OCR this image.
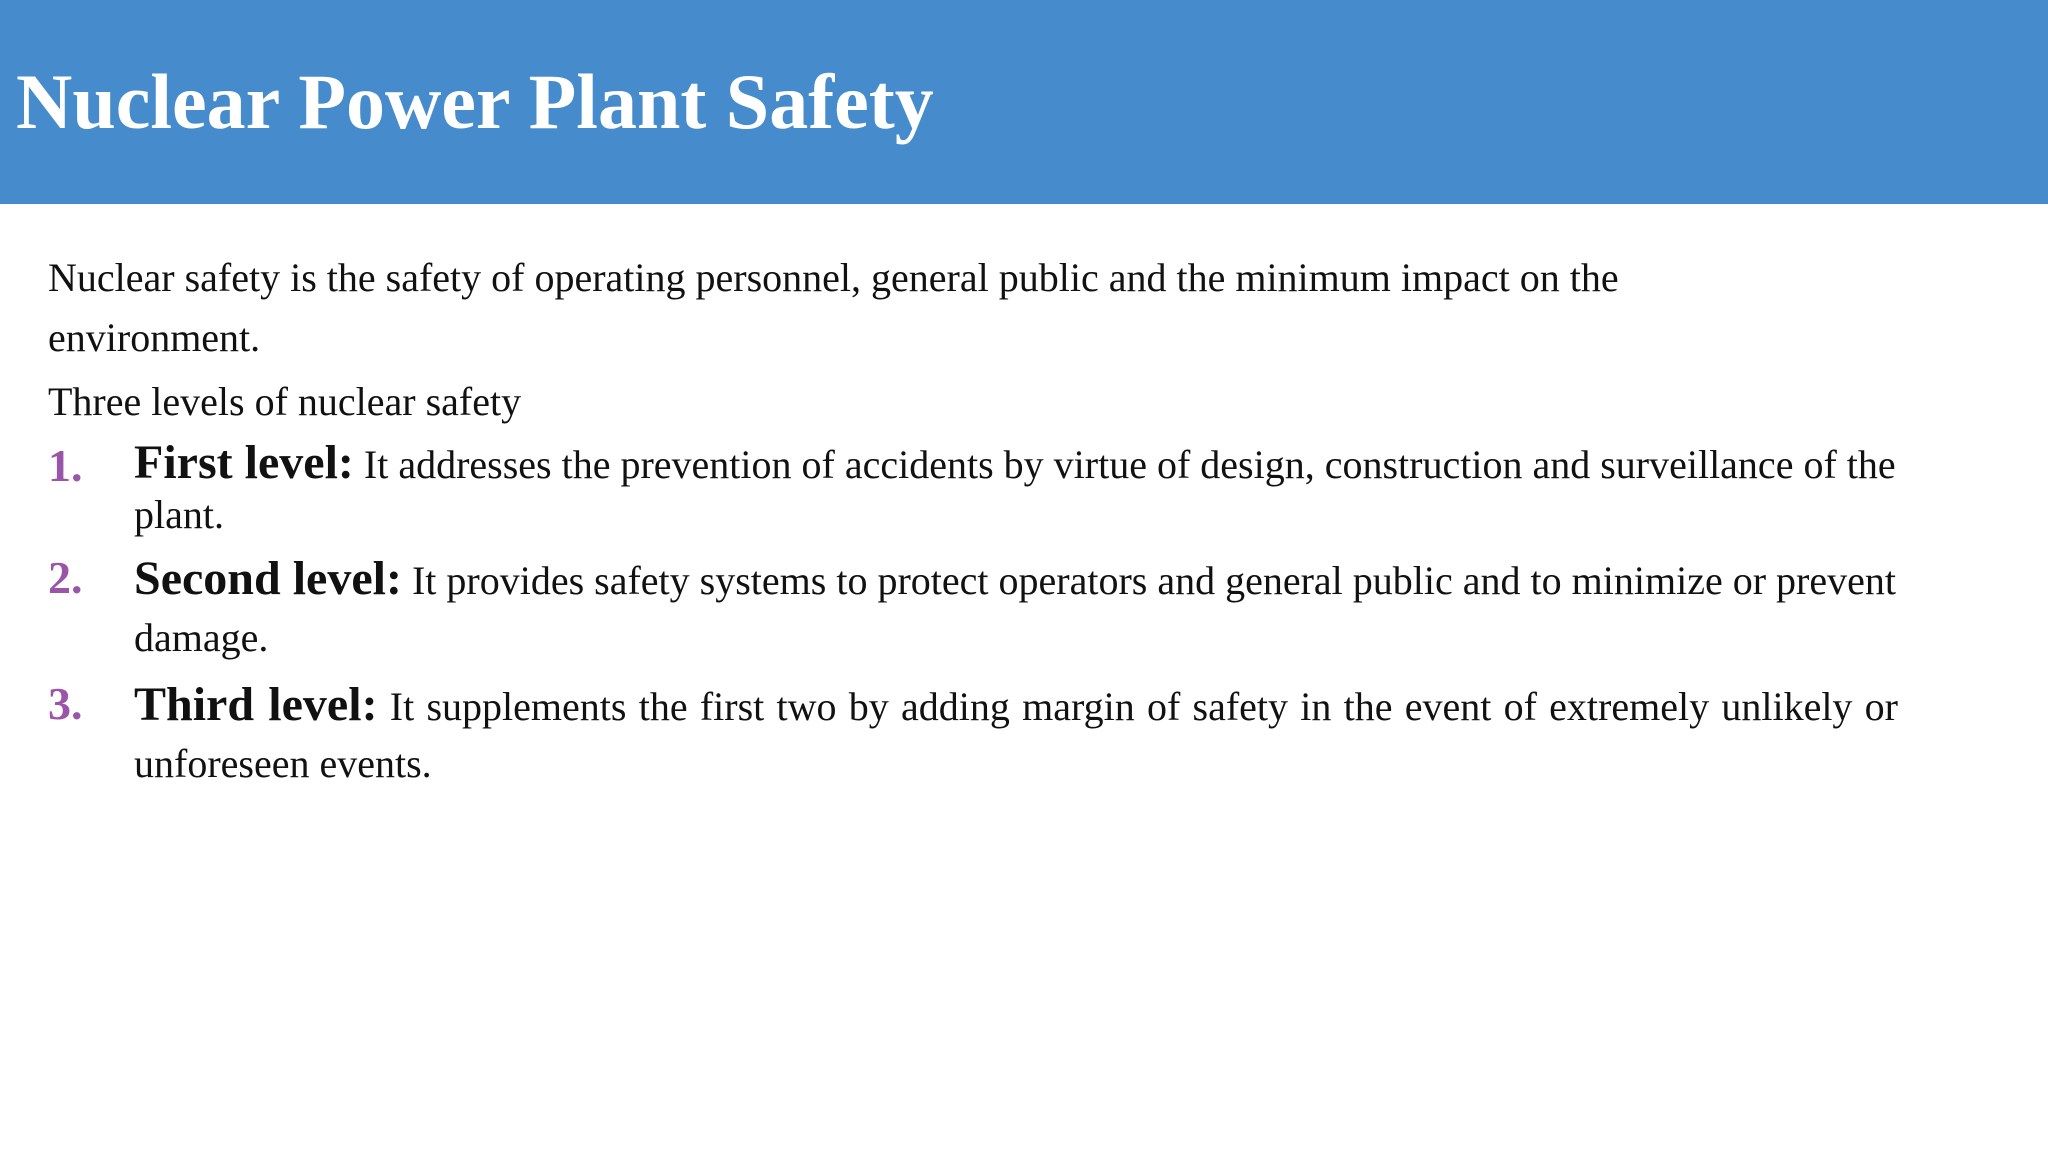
Nuclear Power Plant Safety

Nuclear safety is the safety of operating personnel, general public and the minimum impact on the environment.

Three levels of nuclear safety

1. First level: It addresses the prevention of accidents by virtue of design, construction and surveillance of the plant.

2. Second level: It provides safety systems to protect operators and general public and to minimize or prevent damage.

3. Third level: It supplements the first two by adding margin of safety in the event of extremely unlikely or unforeseen events.
